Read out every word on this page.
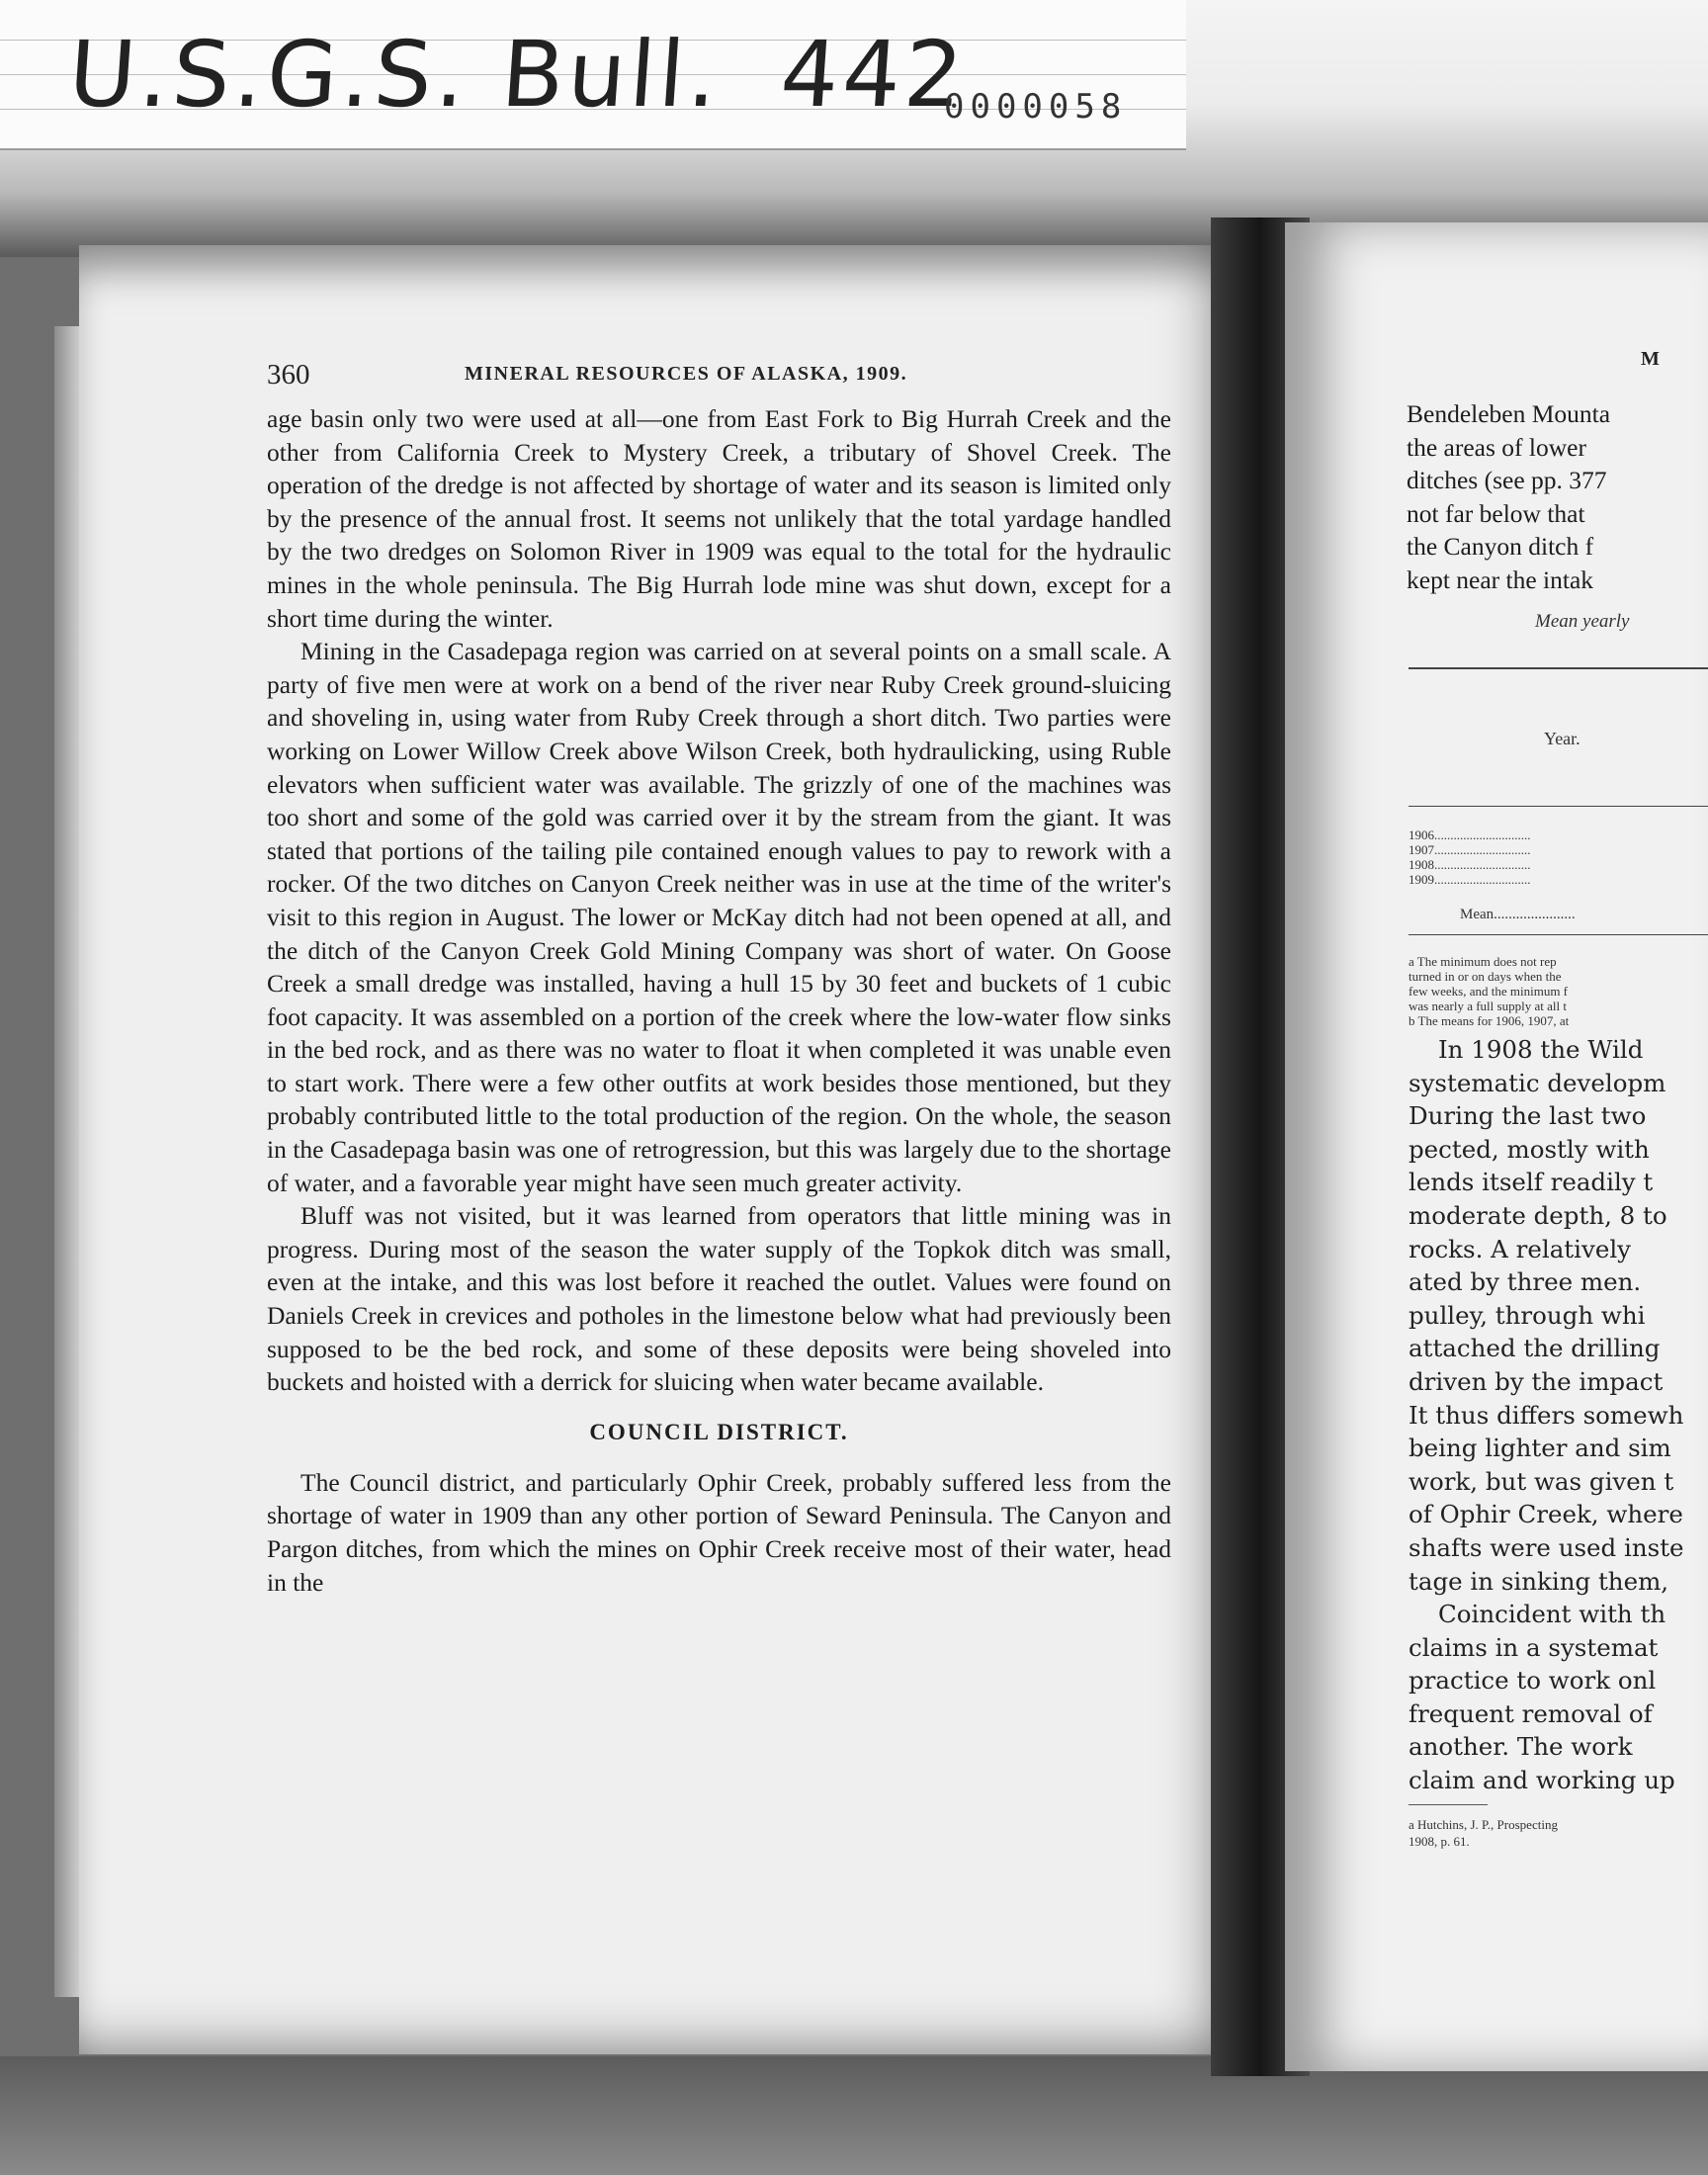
U.S.G.S. Bull. 442
0000058
360	MINERAL RESOURCES OF ALASKA, 1909.

age basin only two were used at all—one from East Fork to Big Hurrah Creek and the other from California Creek to Mystery Creek, a tributary of Shovel Creek. The operation of the dredge is not affected by shortage of water and its season is limited only by the presence of the annual frost. It seems not unlikely that the total yardage handled by the two dredges on Solomon River in 1909 was equal to the total for the hydraulic mines in the whole peninsula. The Big Hurrah lode mine was shut down, except for a short time during the winter.

Mining in the Casadepaga region was carried on at several points on a small scale. A party of five men were at work on a bend of the river near Ruby Creek ground-sluicing and shoveling in, using water from Ruby Creek through a short ditch. Two parties were working on Lower Willow Creek above Wilson Creek, both hydraulicking, using Ruble elevators when sufficient water was available. The grizzly of one of the machines was too short and some of the gold was carried over it by the stream from the giant. It was stated that portions of the tailing pile contained enough values to pay to rework with a rocker. Of the two ditches on Canyon Creek neither was in use at the time of the writer's visit to this region in August. The lower or McKay ditch had not been opened at all, and the ditch of the Canyon Creek Gold Mining Company was short of water. On Goose Creek a small dredge was installed, having a hull 15 by 30 feet and buckets of 1 cubic foot capacity. It was assembled on a portion of the creek where the low-water flow sinks in the bed rock, and as there was no water to float it when completed it was unable even to start work. There were a few other outfits at work besides those mentioned, but they probably contributed little to the total production of the region. On the whole, the season in the Casadepaga basin was one of retrogression, but this was largely due to the shortage of water, and a favorable year might have seen much greater activity.

Bluff was not visited, but it was learned from operators that little mining was in progress. During most of the season the water supply of the Topkok ditch was small, even at the intake, and this was lost before it reached the outlet. Values were found on Daniels Creek in crevices and potholes in the limestone below what had previously been supposed to be the bed rock, and some of these deposits were being shoveled into buckets and hoisted with a derrick for sluicing when water became available.

COUNCIL DISTRICT.

The Council district, and particularly Ophir Creek, probably suffered less from the shortage of water in 1909 than any other portion of Seward Peninsula. The Canyon and Pargon ditches, from which the mines on Ophir Creek receive most of their water, head in the

M
Bendeleben Mounta
the areas of lower
ditches (see pp. 377
not far below that
the Canyon ditch f
kept near the intak
Mean yearly
Year.
1906..............................
1907..............................
1908..............................
1909..............................
Mean......................
a The minimum does not rep
turned in or on days when the
few weeks, and the minimum f
was nearly a full supply at all t
b The means for 1906, 1907, at
In 1908 the Wild
systematic developm
During the last two
pected, mostly with
lends itself readily t
moderate depth, 8 to
rocks. A relatively
ated by three men.
pulley, through whi
attached the drilling
driven by the impact
It thus differs somewh
being lighter and sim
work, but was given t
of Ophir Creek, where
shafts were used inste
tage in sinking them,
Coincident with th
claims in a systemat
practice to work onl
frequent removal of
another. The work
claim and working up
a Hutchins, J. P., Prospecting
1908, p. 61.
